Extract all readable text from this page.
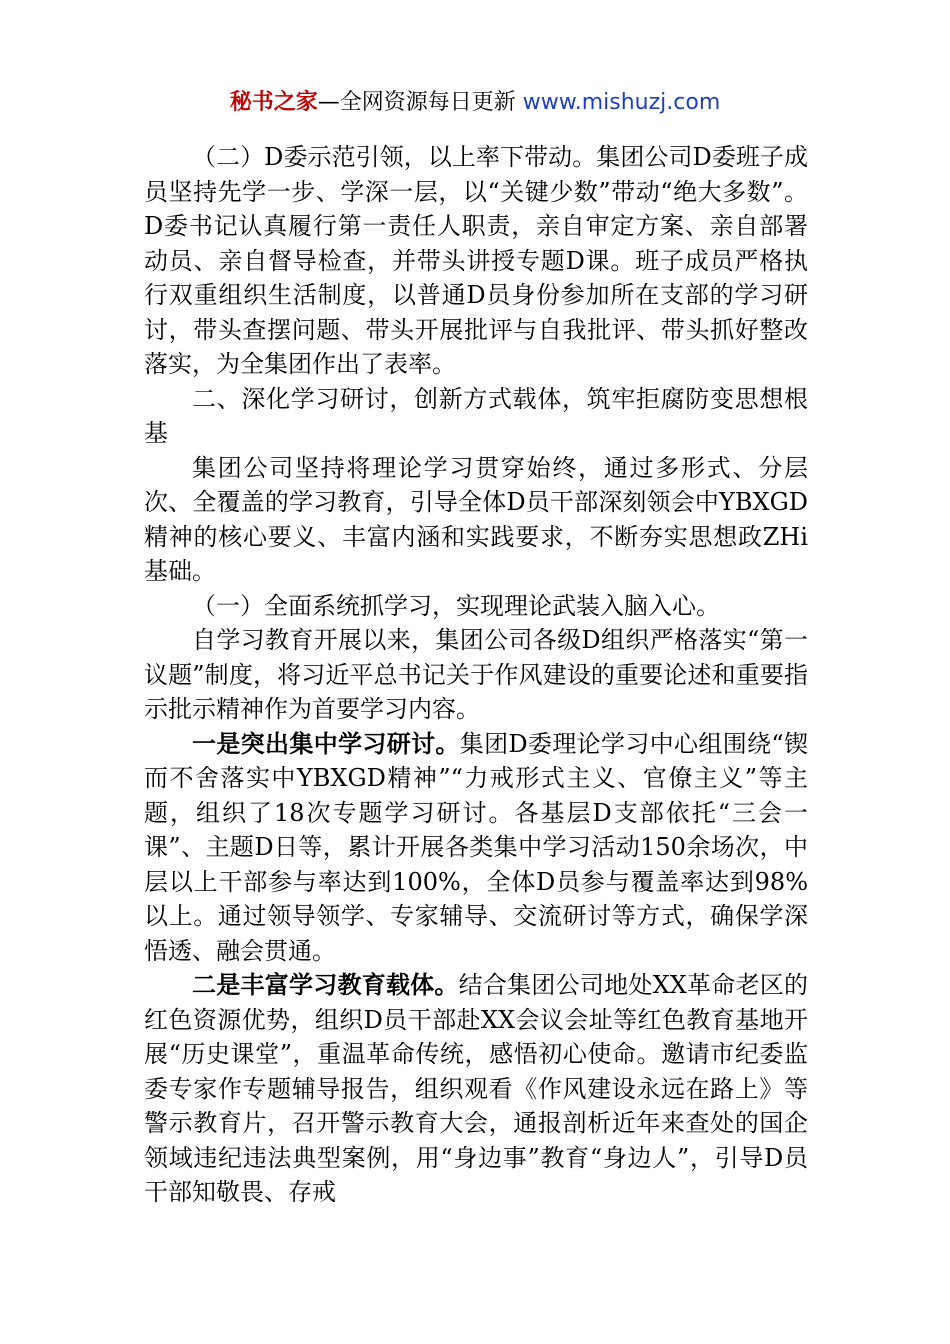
秘书之家—全网资源每日更新 www.mishuzj.com

（二）D委示范引领，以上率下带动。集团公司D委班子成员坚持先学一步、学深一层，以“关键少数”带动“绝大多数”。D委书记认真履行第一责任人职责，亲自审定方案、亲自部署动员、亲自督导检查，并带头讲授专题D课。班子成员严格执行双重组织生活制度，以普通D员身份参加所在支部的学习研讨，带头查摆问题、带头开展批评与自我批评、带头抓好整改落实，为全集团作出了表率。

二、深化学习研讨，创新方式载体，筑牢拒腐防变思想根基

集团公司坚持将理论学习贯穿始终，通过多形式、分层次、全覆盖的学习教育，引导全体D员干部深刻领会中YBXGD精神的核心要义、丰富内涵和实践要求，不断夯实思想政ZHi基础。

（一）全面系统抓学习，实现理论武装入脑入心。

自学习教育开展以来，集团公司各级D组织严格落实“第一议题”制度，将习近平总书记关于作风建设的重要论述和重要指示批示精神作为首要学习内容。

一是突出集中学习研讨。集团D委理论学习中心组围绕“锲而不舍落实中YBXGD精神”“力戒形式主义、官僚主义”等主题，组织了18次专题学习研讨。各基层D支部依托“三会一课”、主题D日等，累计开展各类集中学习活动150余场次，中层以上干部参与率达到100%，全体D员参与覆盖率达到98%以上。通过领导领学、专家辅导、交流研讨等方式，确保学深悟透、融会贯通。

二是丰富学习教育载体。结合集团公司地处XX革命老区的红色资源优势，组织D员干部赴XX会议会址等红色教育基地开展“历史课堂”，重温革命传统，感悟初心使命。邀请市纪委监委专家作专题辅导报告，组织观看《作风建设永远在路上》等警示教育片，召开警示教育大会，通报剖析近年来查处的国企领域违纪违法典型案例，用“身边事”教育“身边人”，引导D员干部知敬畏、存戒
